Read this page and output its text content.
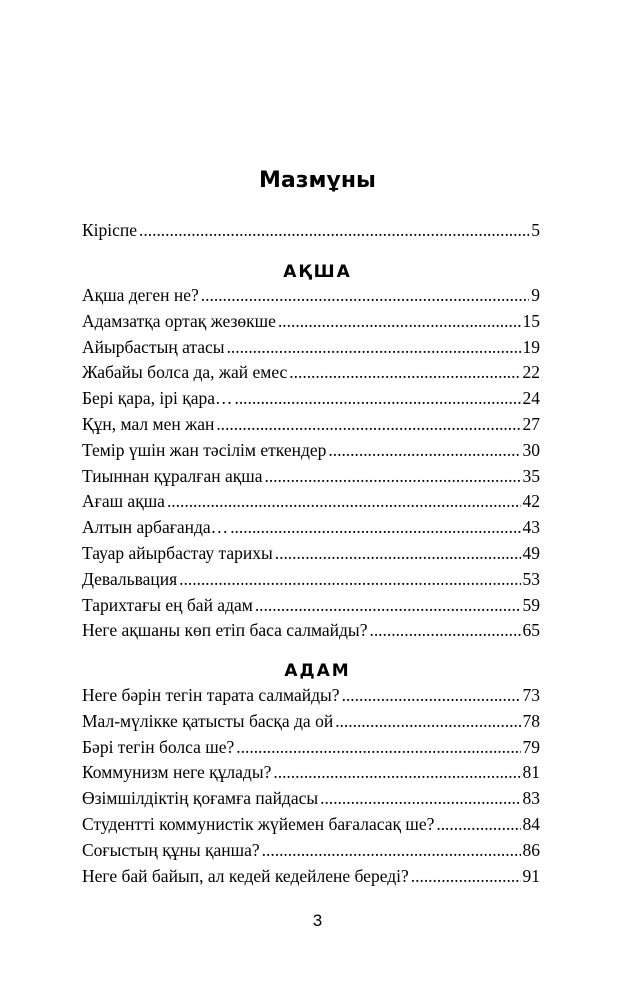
Мазмұны
Кіріспе . . .	5
АҚША
Ақша деген не? . . .	9
Адамзатқа ортақ жезөкше . . .	15
Айырбастың атасы . . .	19
Жабайы болса да, жай емес . . .	22
Бері қара, ірі қара… . . .	24
Құн, мал мен жан . . .	27
Темір үшін жан тәсілім еткендер . . .	30
Тиыннан құралған ақша . . .	35
Ағаш ақша . . .	42
Алтын арбағанда… . . .	43
Тауар айырбастау тарихы . . .	49
Девальвация . . .	53
Тарихтағы ең бай адам . . .	59
Неге ақшаны көп етіп баса салмайды? . . .	65
АДАМ
Неге бәрін тегін тарата салмайды? . . .	73
Мал-мүлікке қатысты басқа да ой . . .	78
Бәрі тегін болса ше? . . .	79
Коммунизм неге құлады? . . .	81
Өзімшілдіктің қоғамға пайдасы . . .	83
Студентті коммунистік жүйемен бағаласақ ше? . . .	84
Соғыстың құны қанша? . . .	86
Неге бай байып, ал кедей кедейлене береді? . . .	91
3
